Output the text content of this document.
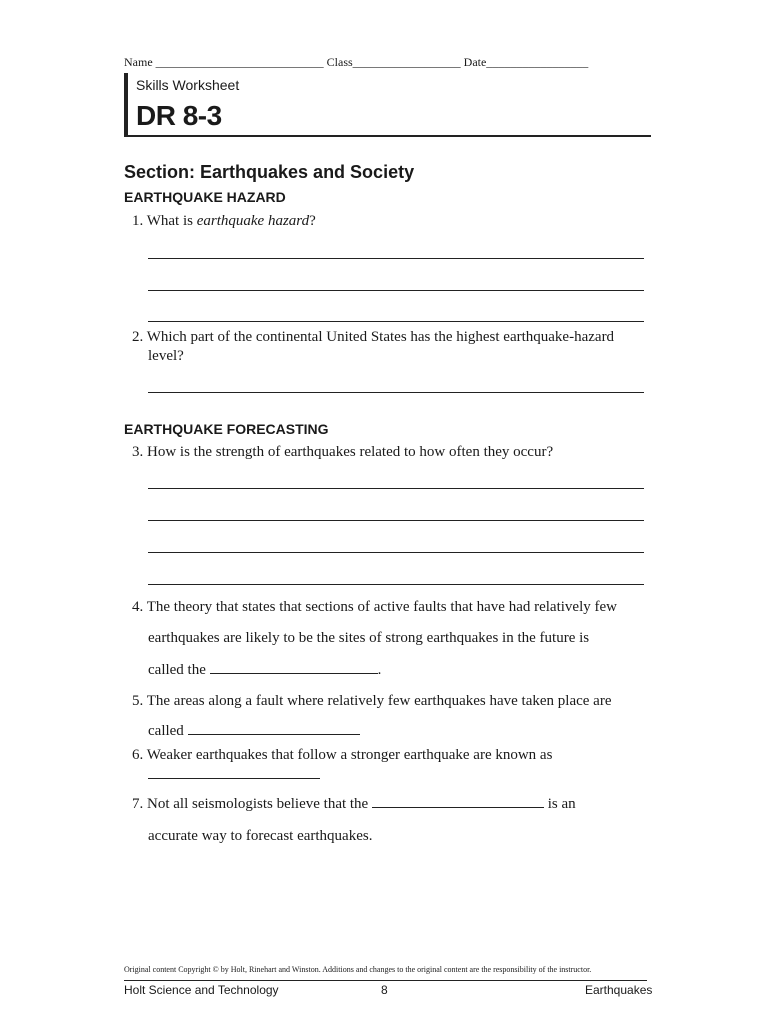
Name ____________________________ Class__________________ Date_________________
Skills Worksheet
DR 8-3
Section: Earthquakes and Society
EARTHQUAKE HAZARD
1. What is earthquake hazard?
2. Which part of the continental United States has the highest earthquake-hazard
level?
EARTHQUAKE FORECASTING
3. How is the strength of earthquakes related to how often they occur?
4. The theory that states that sections of active faults that have had relatively few
earthquakes are likely to be the sites of strong earthquakes in the future is
called the	.
5. The areas along a fault where relatively few earthquakes have taken place are
called
6. Weaker earthquakes that follow a stronger earthquake are known as
7. Not all seismologists believe that the	is an
accurate way to forecast earthquakes.
Original content Copyright © by Holt, Rinehart and Winston. Additions and changes to the original content are the responsibility of the instructor.
Holt Science and Technology	8	Earthquakes
